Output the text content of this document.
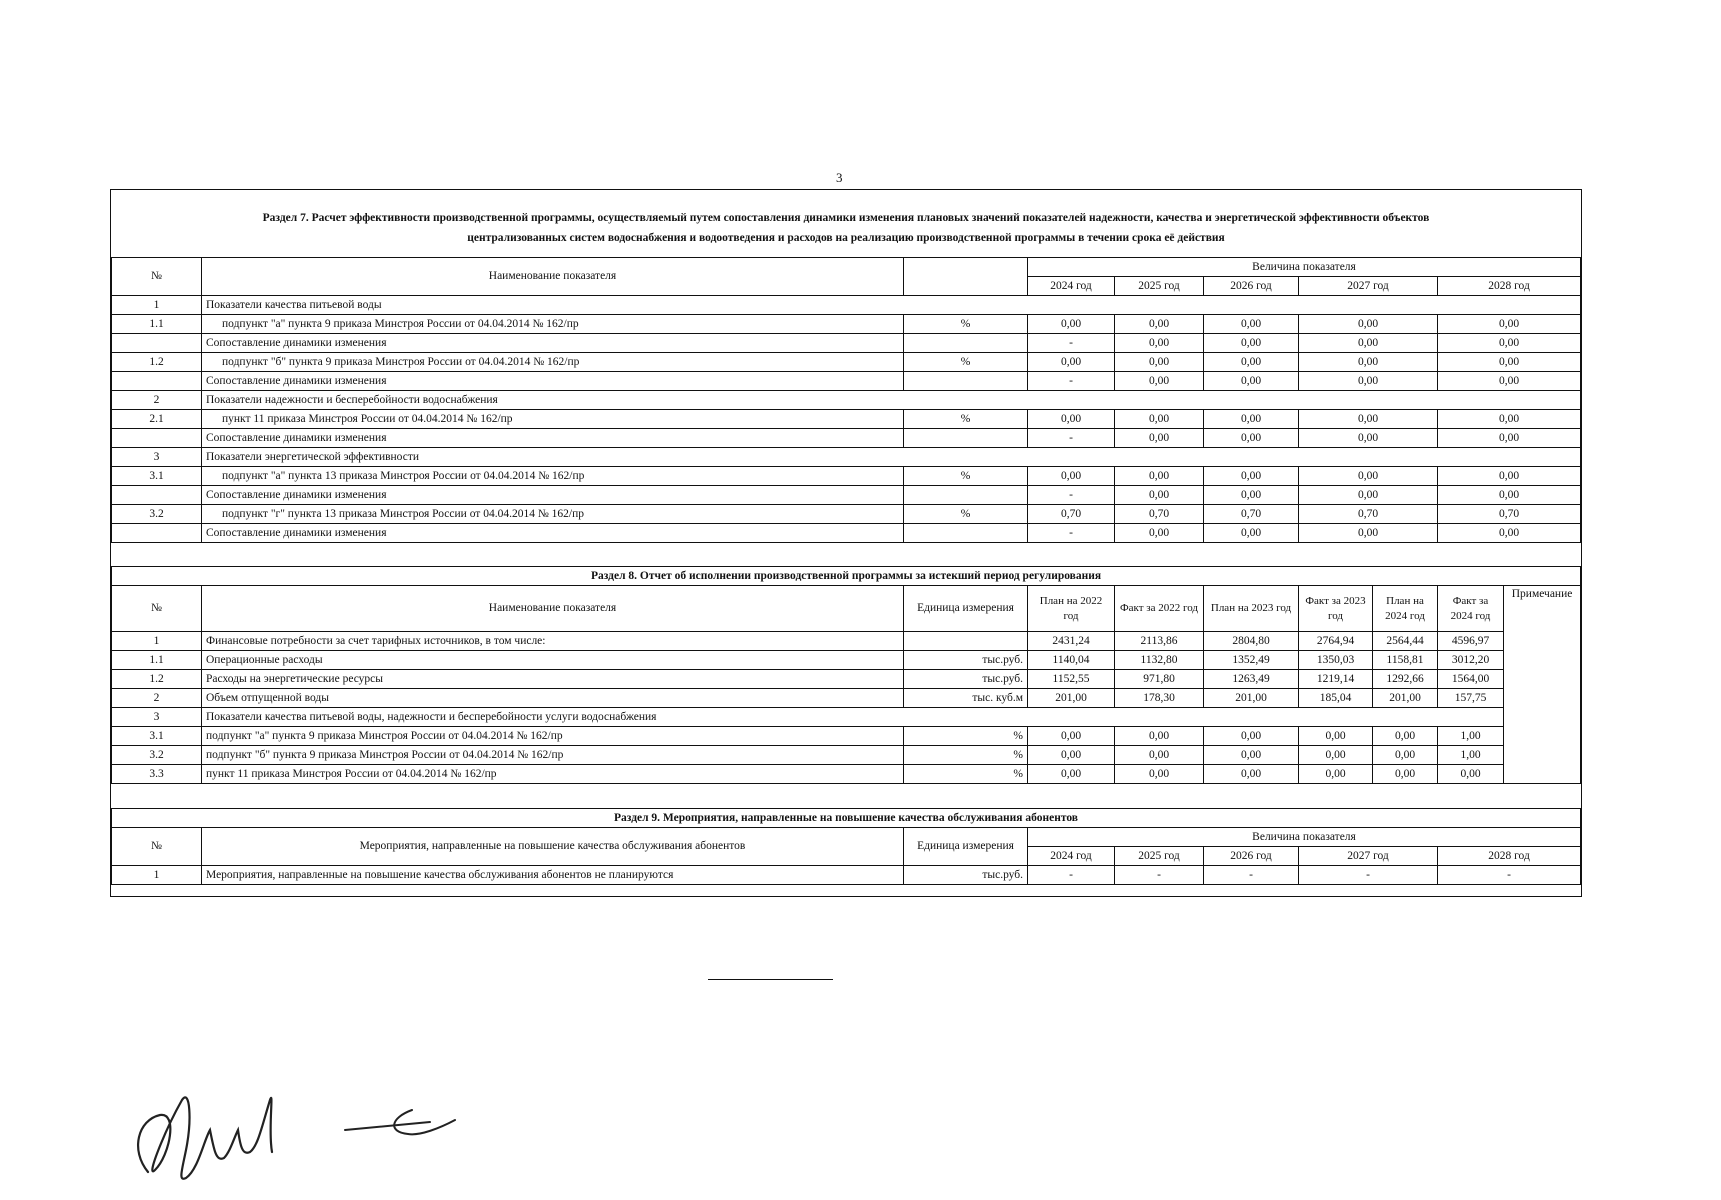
3
Раздел 7. Расчет эффективности производственной программы, осуществляемый путем сопоставления динамики изменения плановых значений показателей надежности, качества и энергетической эффективности объектов
централизованных систем водоснабжения и водоотведения и расходов на реализацию производственной программы в течении срока её действия
№	Наименование показателя		Величина показателя				
			2024 год	2025 год	2026 год	2027 год	2028 год
1	Показатели качества питьевой воды						
1.1	подпункт "а" пункта 9 приказа Минстроя России от 04.04.2014 № 162/пр	%	0,00	0,00	0,00	0,00	0,00
	Сопоставление динамики изменения		-	0,00	0,00	0,00	0,00
1.2	подпункт "б" пункта 9 приказа Минстроя России от 04.04.2014 № 162/пр	%	0,00	0,00	0,00	0,00	0,00
	Сопоставление динамики изменения		-	0,00	0,00	0,00	0,00
2	Показатели надежности и бесперебойности водоснабжения						
2.1	пункт 11 приказа Минстроя России от 04.04.2014 № 162/пр	%	0,00	0,00	0,00	0,00	0,00
	Сопоставление динамики изменения		-	0,00	0,00	0,00	0,00
3	Показатели энергетической эффективности						
3.1	подпункт "а" пункта 13 приказа Минстроя России от 04.04.2014 № 162/пр	%	0,00	0,00	0,00	0,00	0,00
	Сопоставление динамики изменения		-	0,00	0,00	0,00	0,00
3.2	подпункт "г" пункта 13 приказа Минстроя России от 04.04.2014 № 162/пр	%	0,70	0,70	0,70	0,70	0,70
	Сопоставление динамики изменения		-	0,00	0,00	0,00	0,00
Раздел 8. Отчет об исполнении производственной программы за истекший период регулирования									
№	Наименование показателя	Единица измерения	План на 2022 год	Факт за 2022 год	План на 2023 год	Факт за 2023 год	План на 2024 год	Факт за 2024 год	Примечание
1	Финансовые потребности за счет тарифных источников, в том числе:		2431,24	2113,86	2804,80	2764,94	2564,44	4596,97	
1.1	Операционные расходы	тыс.руб.	1140,04	1132,80	1352,49	1350,03	1158,81	3012,20	
1.2	Расходы на энергетические ресурсы	тыс.руб.	1152,55	971,80	1263,49	1219,14	1292,66	1564,00	
2	Объем отпущенной воды	тыс. куб.м	201,00	178,30	201,00	185,04	201,00	157,75	
3	Показатели качества питьевой воды, надежности и бесперебойности услуги водоснабжения								
3.1	подпункт "а" пункта 9 приказа Минстроя России от 04.04.2014 № 162/пр	%	0,00	0,00	0,00	0,00	0,00	1,00	
3.2	подпункт "б" пункта 9 приказа Минстроя России от 04.04.2014 № 162/пр	%	0,00	0,00	0,00	0,00	0,00	1,00	
3.3	пункт 11 приказа Минстроя России от 04.04.2014 № 162/пр	%	0,00	0,00	0,00	0,00	0,00	0,00	
Раздел 9. Мероприятия, направленные на повышение качества обслуживания абонентов							
№	Мероприятия, направленные на повышение качества обслуживания абонентов	Единица измерения	Величина показателя				
			2024 год	2025 год	2026 год	2027 год	2028 год
1	Мероприятия, направленные на повышение качества обслуживания абонентов не планируются	тыс.руб.	-	-	-	-	-
